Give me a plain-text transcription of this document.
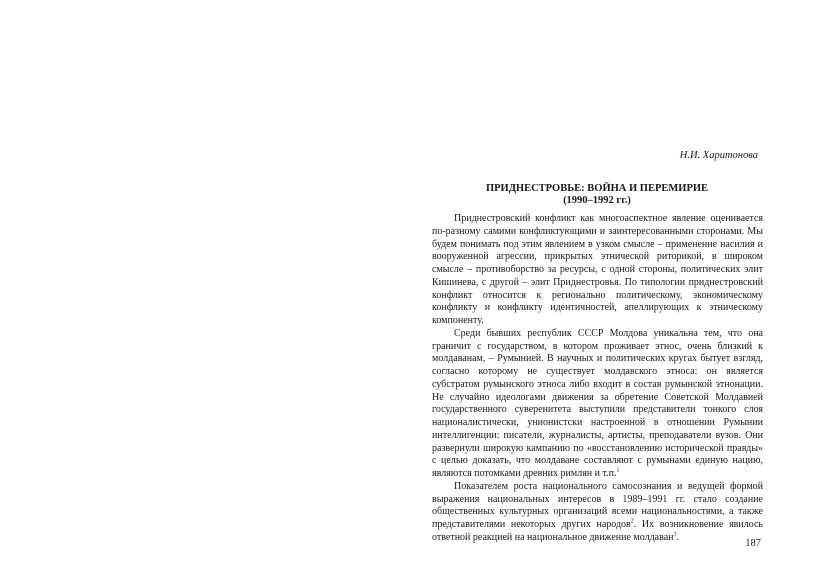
Н.И. Харитонова
ПРИДНЕСТРОВЬЕ: ВОЙНА И ПЕРЕМИРИЕ
(1990–1992 гг.)

Приднестровский конфликт как многоаспектное явление оценивается по-разному самими конфликтующими и заинтересованными сторонами. Мы будем понимать под этим явлением в узком смысле – применение насилия и вооруженной агрессии, прикрытых этнической риторикой, в широком смысле – противоборство за ресурсы, с одной стороны, политических элит Кишинева, с другой – элит Приднестровья. По типологии приднестровский конфликт относится к регионально политическому, экономическому конфликту и конфликту идентичностей, апеллирующих к этническому компоненту.

Среди бывших республик СССР Молдова уникальна тем, что она граничит с государством, в котором проживает этнос, очень близкий к молдаванам, – Румынией. В научных и политических кругах бытует взгляд, согласно которому не существует молдавского этноса: он является субстратом румынского этноса либо входит в состав румынской этнонации. Не случайно идеологами движения за обретение Советской Молдавией государственного суверенитета выступили представители тонкого слоя националистически, унионистски настроенной в отношении Румынии интеллигенции: писатели, журналисты, артисты, преподаватели вузов. Они развернули широкую кампанию по «восстановлению исторической правды» с целью доказать, что молдаване составляют с румынами единую нацию, являются потомками древних римлян и т.п.$^1$

Показателем роста национального самосознания и ведущей формой выражения национальных интересов в 1989–1991 гг. стало создание общественных культурных организаций всеми национальностями, а также представителями некоторых других народов$^2$. Их возникновение явилось ответной реакцией на национальное движение молдаван$^3$.

187
